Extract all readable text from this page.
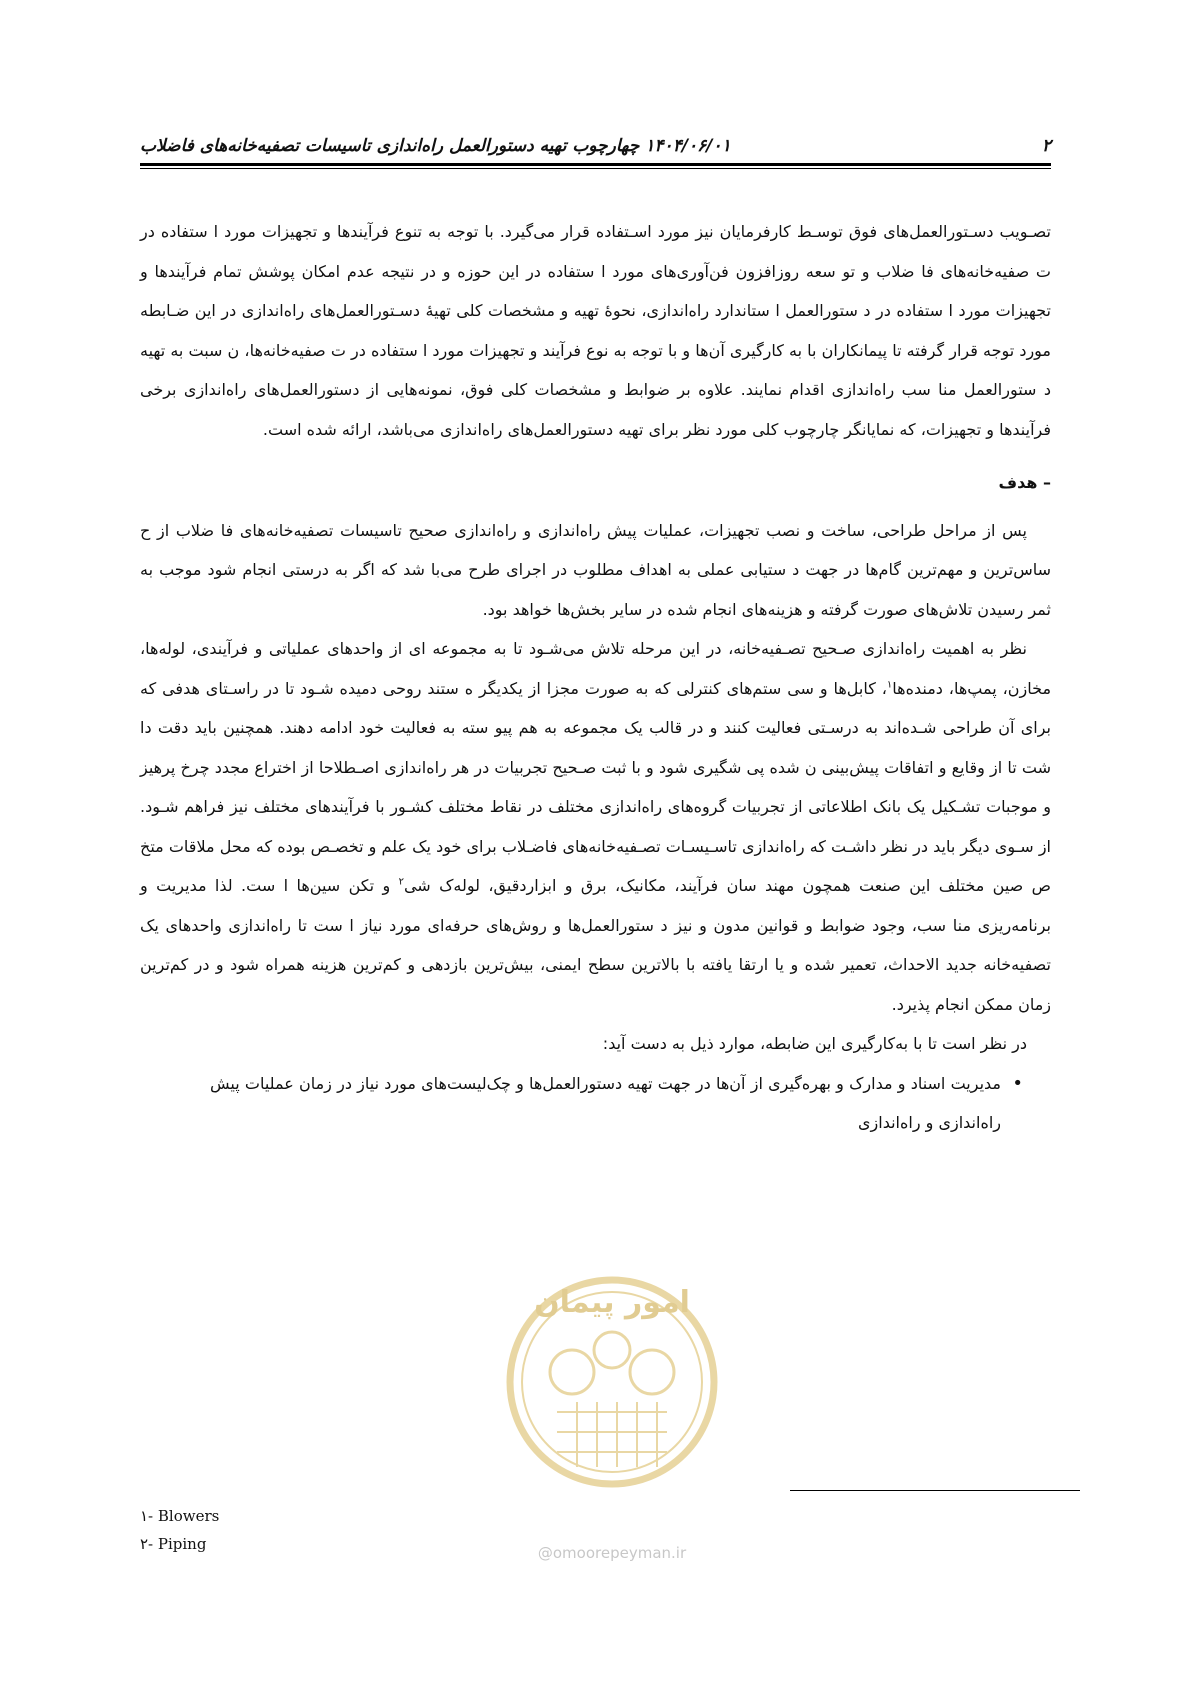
۲
۱۴۰۴/۰۶/۰۱ چهارچوب تهیه دستورالعمل راه‌اندازی تاسیسات تصفیه‌خانه‌های فاضلاب

تصـویب دسـتورالعمل‌های فوق توسـط کارفرمایان نیز مورد اسـتفاده قرار می‌گیرد. با توجه به تنوع فرآیندها و تجهیزات مورد ا ستفاده در ت صفیه‌خانه‌های فا ضلاب و تو سعه روزافزون فن‌آوری‌های مورد ا ستفاده در این حوزه و در نتیجه عدم امکان پوشش تمام فرآیندها و تجهیزات مورد ا ستفاده در د ستورالعمل ا ستاندارد راه‌اندازی، نحوۀ تهیه و مشخصات کلی تهیۀ دسـتورالعمل‌های راه‌اندازی در این ضـابطه مورد توجه قرار گرفته تا پیمانکاران با به کارگیری آن‌ها و با توجه به نوع فرآیند و تجهیزات مورد ا ستفاده در ت صفیه‌خانه‌ها، ن سبت به تهیه د ستورالعمل منا سب راه‌اندازی اقدام نمایند. علاوه بر ضوابط و مشخصات کلی فوق، نمونه‌هایی از دستورالعمل‌های راه‌اندازی برخی فرآیندها و تجهیزات، که نمایانگر چارچوب کلی مورد نظر برای تهیه دستورالعمل‌های راه‌اندازی می‌باشد، ارائه شده است.

– هدف

پس از مراحل طراحی، ساخت و نصب تجهیزات، عملیات پیش راه‌اندازی و راه‌اندازی صحیح تاسیسات تصفیه‌خانه‌های فا ضلاب از ح ساس‌ترین و مهم‌ترین گام‌ها در جهت د ستیابی عملی به اهداف مطلوب در اجرای طرح می‌با شد که اگر به درستی انجام شود موجب به ثمر رسیدن تلاش‌های صورت گرفته و هزینه‌های انجام شده در سایر بخش‌ها خواهد بود.

نظر به اهمیت راه‌اندازی صـحیح تصـفیه‌خانه، در این مرحله تلاش می‌شـود تا به مجموعه ای از واحدهای عملیاتی و فرآیندی، لوله‌ها، مخازن، پمپ‌ها، دمنده‌ها$^۱$، کابل‌ها و سی ستم‌های کنترلی که به صورت مجزا از یکدیگر ه ستند روحی دمیده شـود تا در راسـتای هدفی که برای آن طراحی شـده‌اند به درسـتی فعالیت کنند و در قالب یک مجموعه به هم پیو سته به فعالیت خود ادامه دهند. همچنین باید دقت دا شت تا از وقایع و اتفاقات پیش‌بینی ن شده پی شگیری شود و با ثبت صـحیح تجربیات در هر راه‌اندازی اصـطلاحا از اختراع مجدد چرخ پرهیز و موجبات تشـکیل یک بانک اطلاعاتی از تجربیات گروه‌های راه‌اندازی مختلف در نقاط مختلف کشـور با فرآیندهای مختلف نیز فراهم شـود. از سـوی دیگر باید در نظر داشـت که راه‌اندازی تاسـیسـات تصـفیه‌خانه‌های فاضـلاب برای خود یک علم و تخصـص بوده که محل ملاقات متخ ص صین مختلف این صنعت همچون مهند سان فرآیند، مکانیک، برق و ابزاردقیق، لوله‌ک شی$^۲$ و تکن سین‌ها ا ست. لذا مدیریت و برنامه‌ریزی منا سب، وجود ضوابط و قوانین مدون و نیز د ستورالعمل‌ها و روش‌های حرفه‌ای مورد نیاز ا ست تا راه‌اندازی واحدهای یک تصفیه‌خانه جدید الاحداث، تعمیر شده و یا ارتقا یافته با بالاترین سطح ایمنی، بیش‌ترین بازدهی و کم‌ترین هزینه همراه شود و در کم‌ترین زمان ممکن انجام پذیرد.

در نظر است تا با به‌کارگیری این ضابطه، موارد ذیل به دست آید:

• مدیریت اسناد و مدارک و بهره‌گیری از آن‌ها در جهت تهیه دستورالعمل‌ها و چک‌لیست‌های مورد نیاز در زمان عملیات پیش راه‌اندازی و راه‌اندازی
امور پیمان
@omoorepeyman.ir
۱- Blowers
۲- Piping
